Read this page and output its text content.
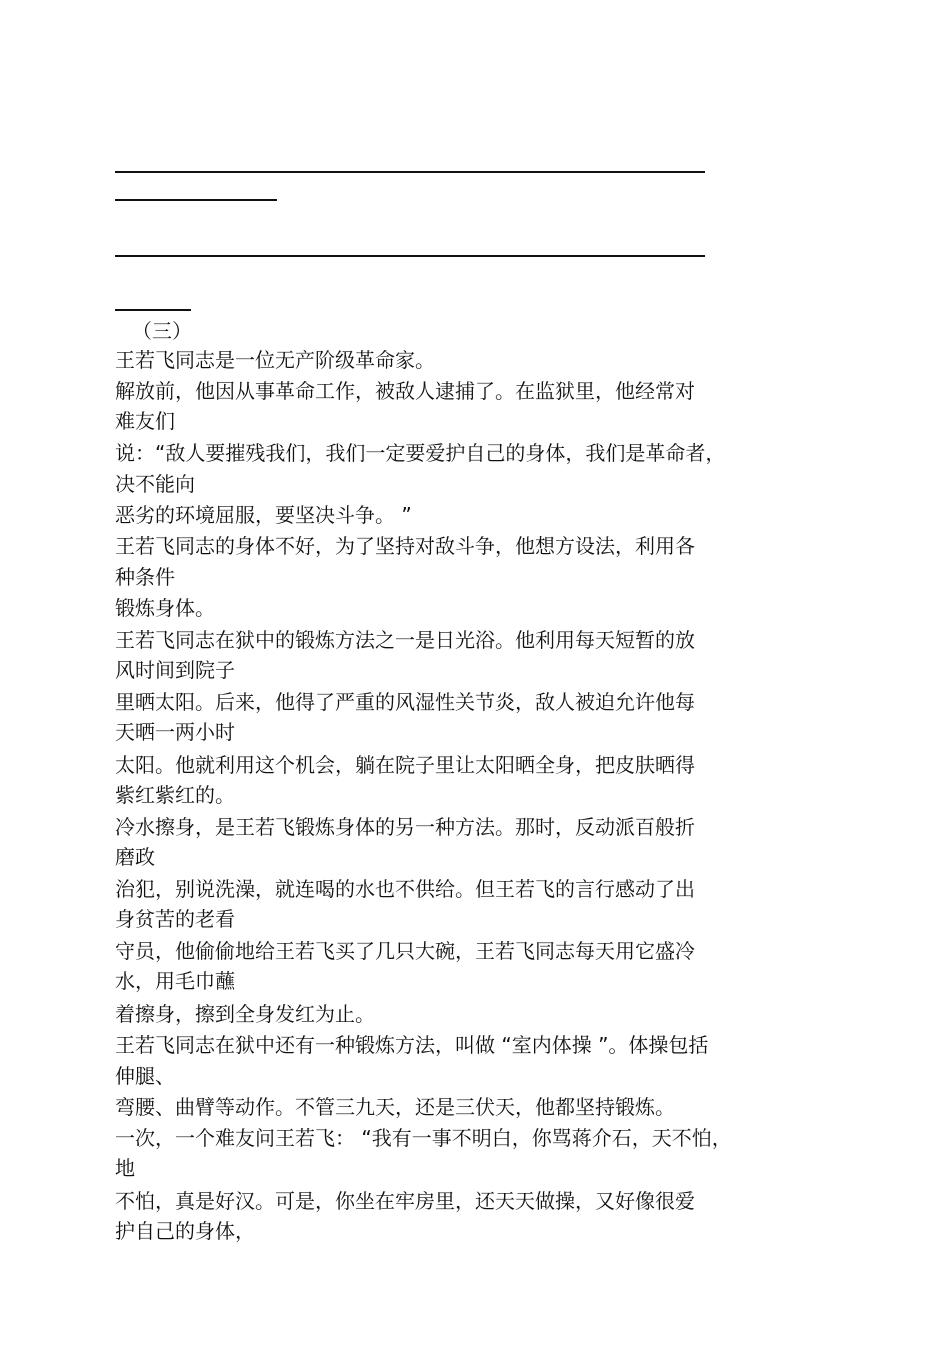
（三）

王若飞同志是一位无产阶级革命家。

解放前，他因从事革命工作，被敌人逮捕了。在监狱里，他经常对

难友们

说：“敌人要摧残我们，我们一定要爱护自己的身体，我们是革命者，

决不能向

恶劣的环境屈服，要坚决斗争。 ”

王若飞同志的身体不好，为了坚持对敌斗争，他想方设法，利用各

种条件

锻炼身体。

王若飞同志在狱中的锻炼方法之一是日光浴。他利用每天短暂的放

风时间到院子

里晒太阳。后来，他得了严重的风湿性关节炎，敌人被迫允许他每

天晒一两小时

太阳。他就利用这个机会，躺在院子里让太阳晒全身，把皮肤晒得

紫红紫红的。

冷水擦身，是王若飞锻炼身体的另一种方法。那时，反动派百般折

磨政

治犯，别说洗澡，就连喝的水也不供给。但王若飞的言行感动了出

身贫苦的老看

守员，他偷偷地给王若飞买了几只大碗，王若飞同志每天用它盛冷

水，用毛巾蘸

着擦身，擦到全身发红为止。

王若飞同志在狱中还有一种锻炼方法，叫做 “室内体操 ”。体操包括

伸腿、

弯腰、曲臂等动作。不管三九天，还是三伏天，他都坚持锻炼。

一次，一个难友问王若飞： “我有一事不明白，你骂蒋介石，天不怕，

地

不怕，真是好汉。可是，你坐在牢房里，还天天做操，又好像很爱

护自己的身体，
